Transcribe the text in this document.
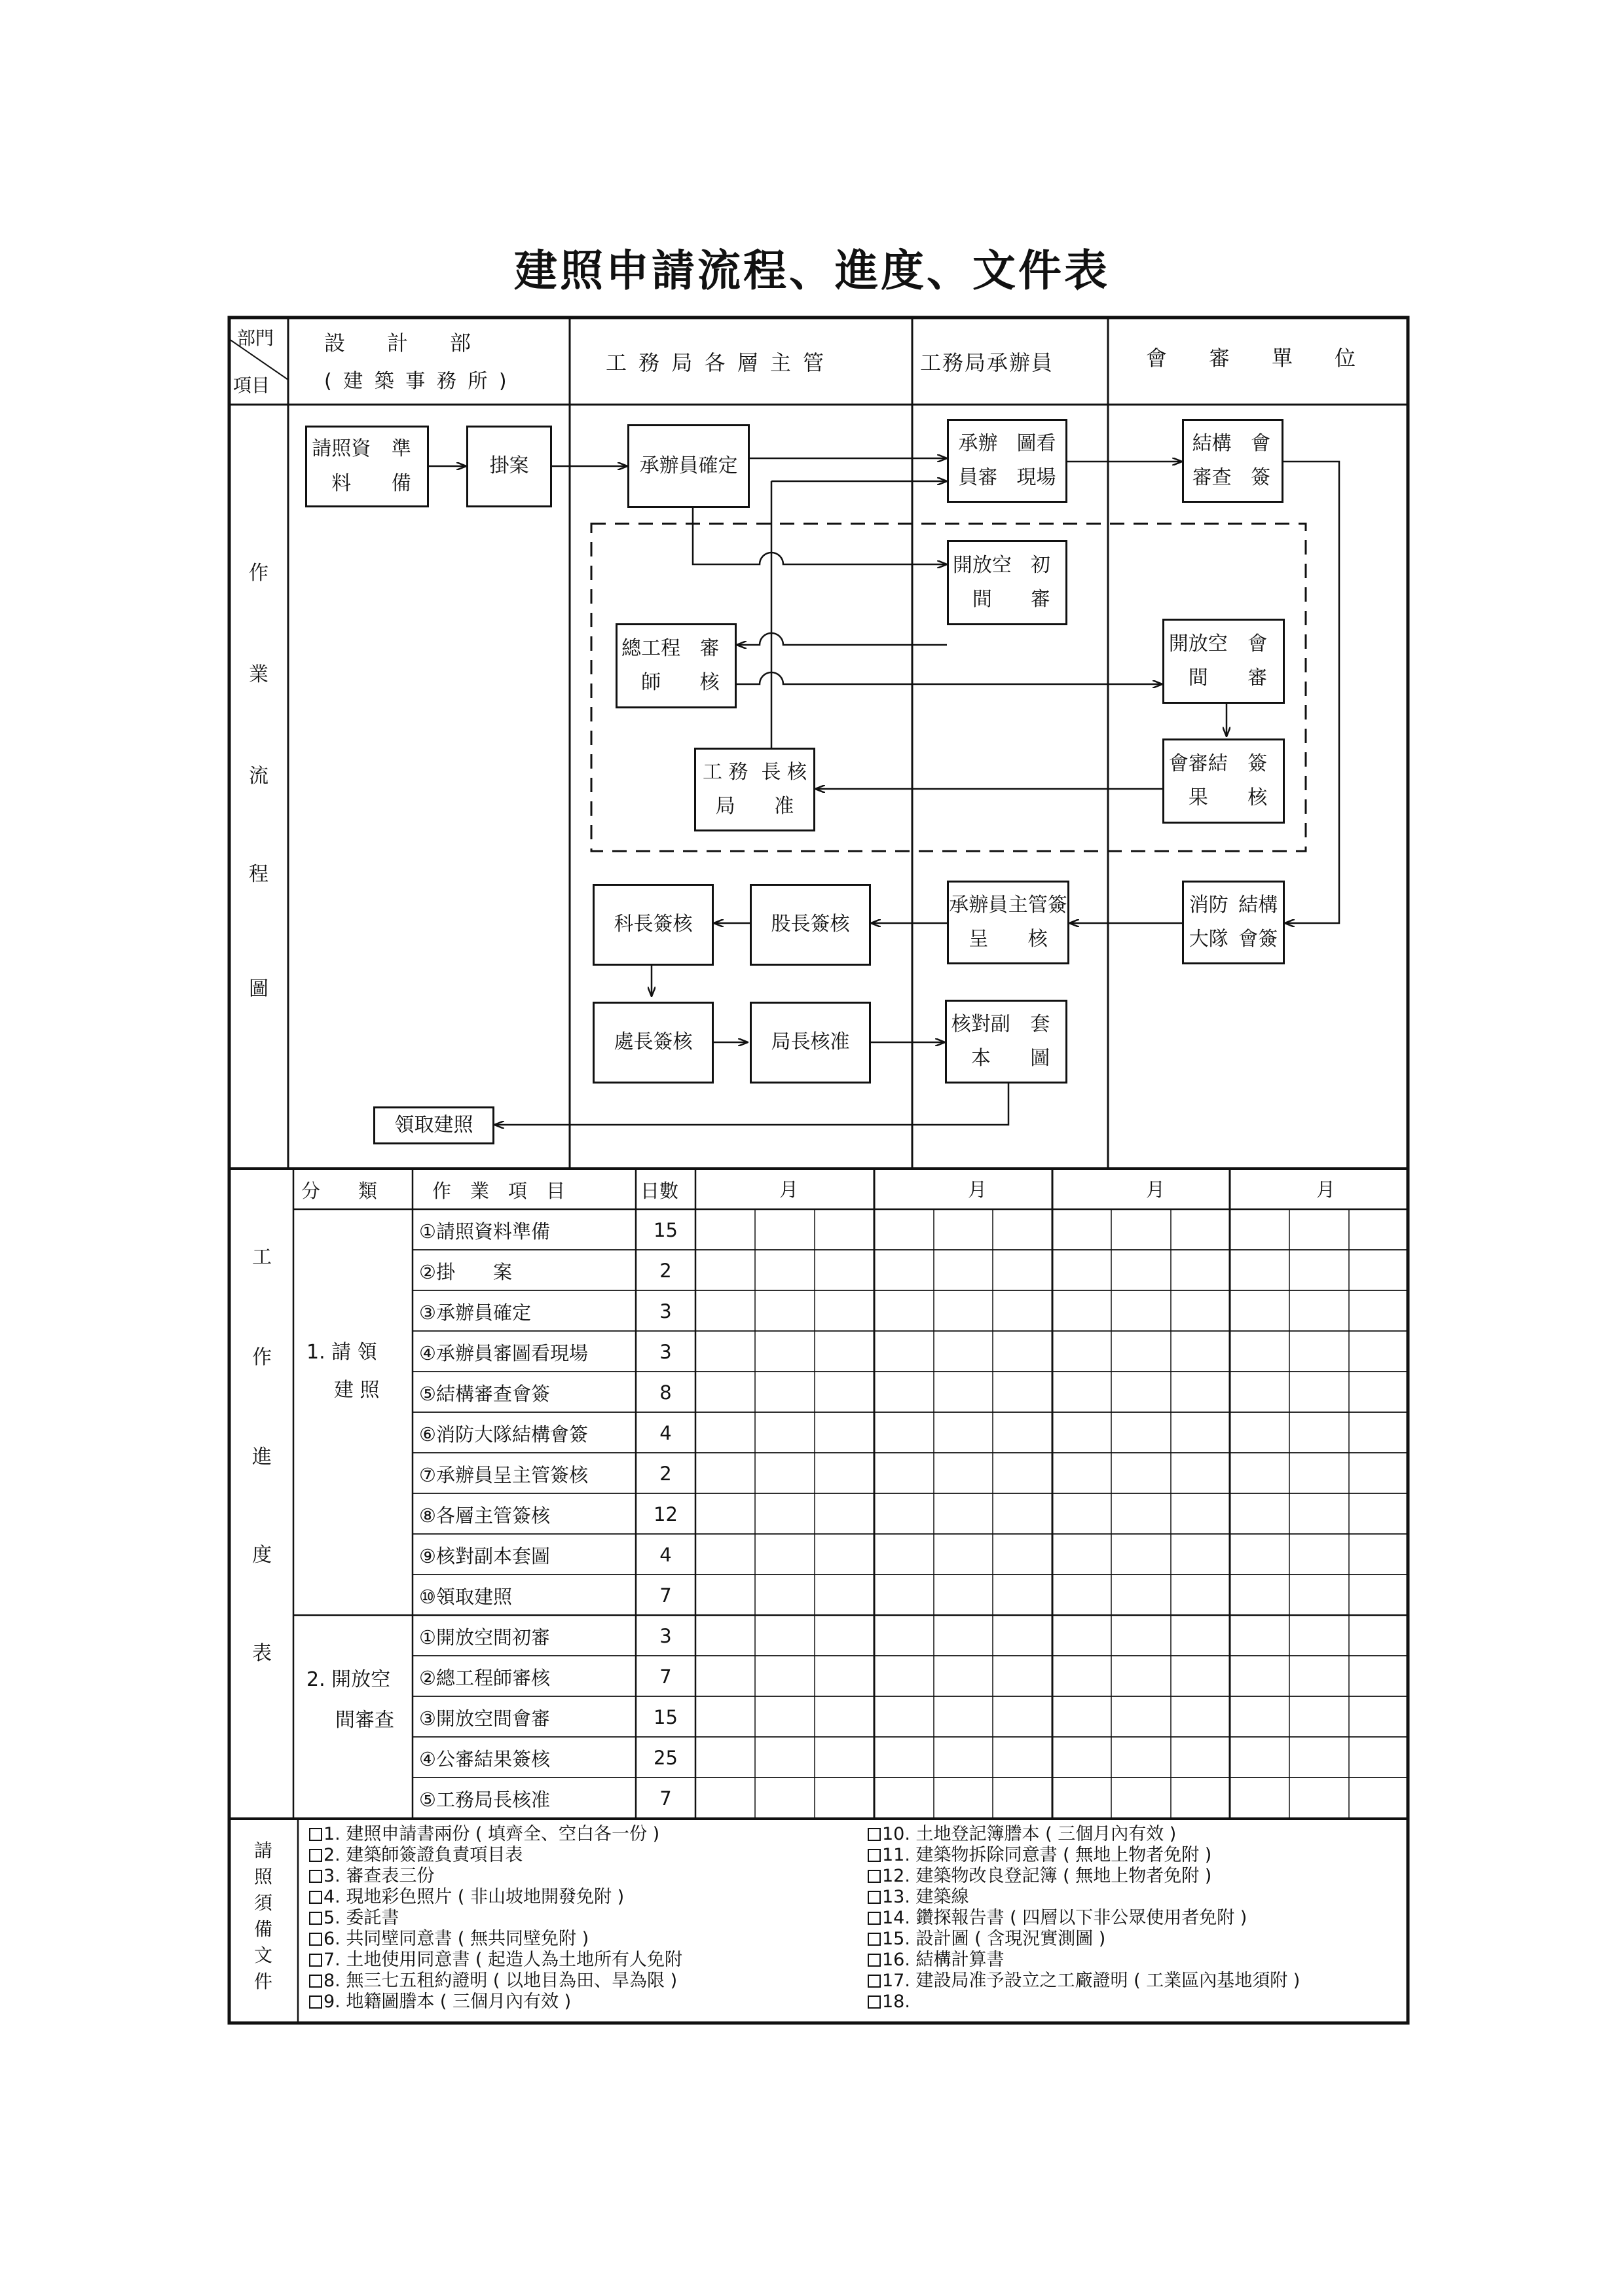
建照申請流程、進度、文件表
部門
項目
設　　計　　部
( 建 築 事 務 所 )
工 務 局 各 層 主 管	工務局承辦員	會　　審　　單　　位
作
業
流
程
圖
工
作
進
度
表
請
照
須
備
文
件
請照資料
準　備
掛案	承辦員確定
承辦員審
圖看現場
結構審查
會　簽
開放空間
初　審
總工程師
審　核
開放空間
會　審
工 務 局
長 核 准
會審結果
簽　核
科長簽核	股長簽核
承辦員呈
主管簽核
消防大隊
結構會簽
處長簽核	局長核准
核對副本
套　圖
領取建照
分　　類	作　業　項　目	日數	月	月	月	月
1. 請 領
建 照
2. 開放空
間審查
①請照資料準備	15
②掛　　案	2
③承辦員確定	3
④承辦員審圖看現場	3
⑤結構審查會簽	8
⑥消防大隊結構會簽	4
⑦承辦員呈主管簽核	2
⑧各層主管簽核	12
⑨核對副本套圖	4
⑩領取建照	7
①開放空間初審	3
②總工程師審核	7
③開放空間會審	15
④公審結果簽核	25
⑤工務局長核准	7
1. 建照申請書兩份 ( 填齊全、空白各一份 )
2. 建築師簽證負責項目表
3. 審查表三份
4. 現地彩色照片 ( 非山坡地開發免附 )
5. 委託書
6. 共同壁同意書 ( 無共同壁免附 )
7. 土地使用同意書 ( 起造人為土地所有人免附
8. 無三七五租約證明 ( 以地目為田、旱為限 )
9. 地籍圖謄本 ( 三個月內有效 )
10. 土地登記簿謄本 ( 三個月內有效 )
11. 建築物拆除同意書 ( 無地上物者免附 )
12. 建築物改良登記簿 ( 無地上物者免附 )
13. 建築線
14. 鑽探報告書 ( 四層以下非公眾使用者免附 )
15. 設計圖 ( 含現況實測圖 )
16. 結構計算書
17. 建設局准予設立之工廠證明 ( 工業區內基地須附 )
18.
